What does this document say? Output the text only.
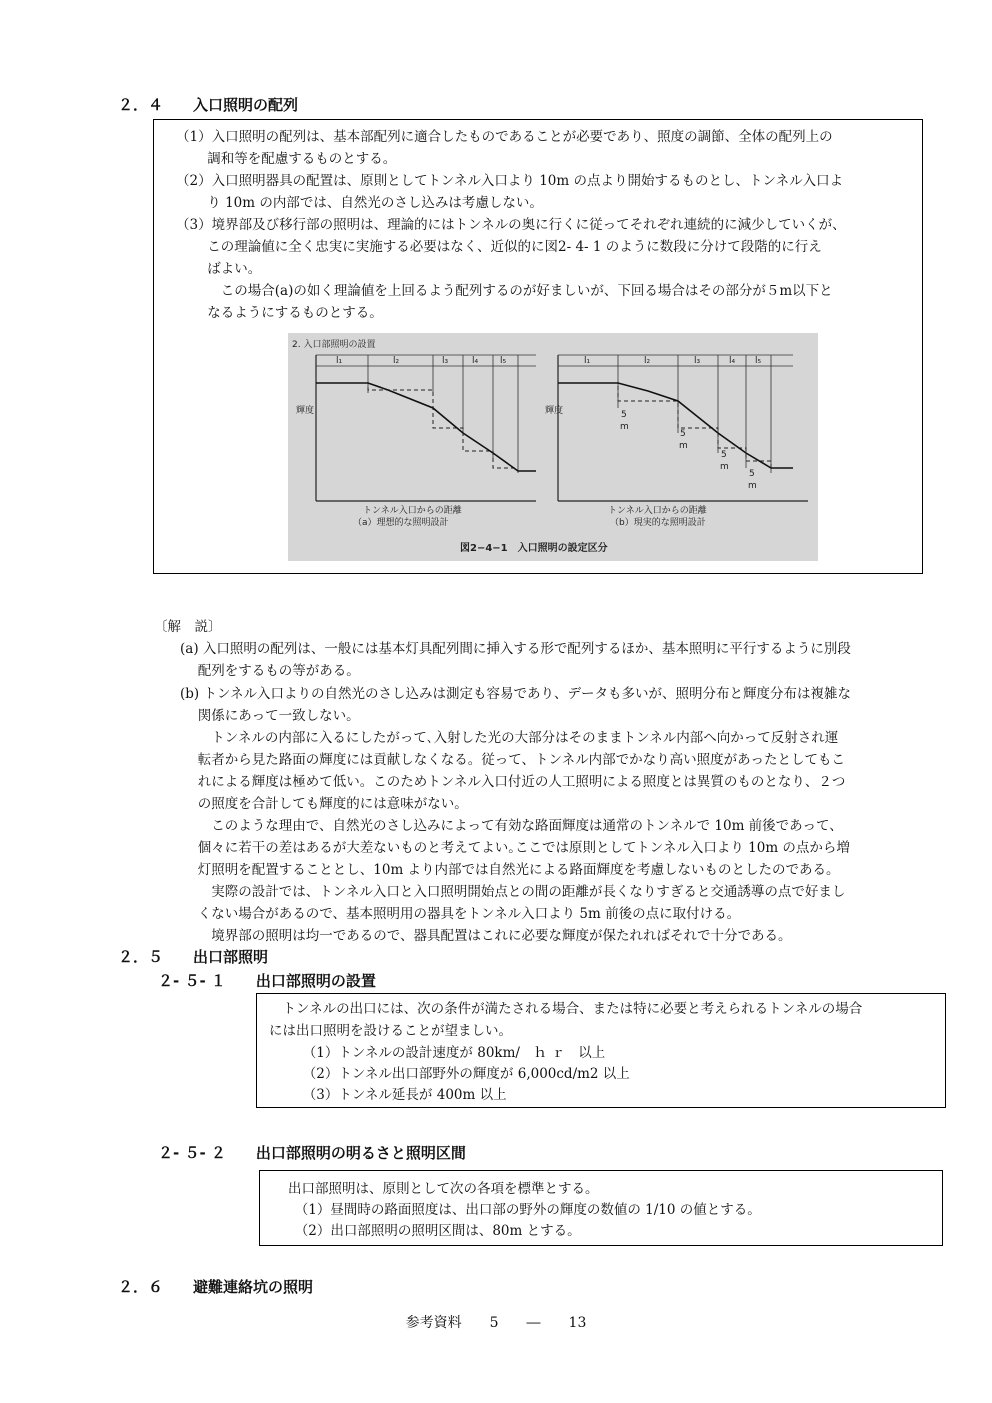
２．４　　入口照明の配列
（1）入口照明の配列は、基本部配列に適合したものであることが必要であり、照度の調節、全体の配列上の
　　 調和等を配慮するものとする。
（2）入口照明器具の配置は、原則としてトンネル入口より 10m の点より開始するものとし、トンネル入口よ
　　 り 10m の内部では、自然光のさし込みは考慮しない。
（3）境界部及び移行部の照明は、理論的にはトンネルの奥に行くに従ってそれぞれ連続的に減少していくが、
　　 この理論値に全く忠実に実施する必要はなく、近似的に図2- 4- 1 のように数段に分けて段階的に行え
　　 ばよい。
　　　 この場合(a)の如く理論値を上回るよう配列するのが好ましいが、下回る場合はその部分が５m以下と
　　 なるようにするものとする。
2. 入口部照明の設置
l₁	l₂	l₃	l₄ l₅
輝度
トンネル入口からの距離
（a）理想的な照明設計
l₁	l₂	l₃	l₄ l₅
輝度	5
m
5
m
5
m
5
m
トンネル入口からの距離
（b）現実的な照明設計
図2−4−1　入口照明の設定区分
〔解　説〕
(a) 入口照明の配列は、一般には基本灯具配列間に挿入する形で配列するほか、基本照明に平行するように別段
　 配列をするもの等がある。
(b) トンネル入口よりの自然光のさし込みは測定も容易であり、データも多いが、照明分布と輝度分布は複雑な
　 関係にあって一致しない。
　　 トンネルの内部に入るにしたがって､入射した光の大部分はそのままトンネル内部へ向かって反射され運
　 転者から見た路面の輝度には貢献しなくなる。従って、トンネル内部でかなり高い照度があったとしてもこ
　 れによる輝度は極めて低い。このためトンネル入口付近の人工照明による照度とは異質のものとなり、２つ
　 の照度を合計しても輝度的には意味がない。
　　 このような理由で、自然光のさし込みによって有効な路面輝度は通常のトンネルで 10m 前後であって、
　 個々に若干の差はあるが大差ないものと考えてよい｡ここでは原則としてトンネル入口より 10m の点から増
　 灯照明を配置することとし、10m より内部では自然光による路面輝度を考慮しないものとしたのである。
　　 実際の設計では、トンネル入口と入口照明開始点との間の距離が長くなりすぎると交通誘導の点で好まし
　 くない場合があるので、基本照明用の器具をトンネル入口より 5m 前後の点に取付ける。
　　 境界部の照明は均一であるので、器具配置はこれに必要な輝度が保たれればそれで十分である。
２．５　　出口部照明
２- ５- １　　出口部照明の設置
　トンネルの出口には、次の条件が満たされる場合、または特に必要と考えられるトンネルの場合
には出口照明を設けることが望ましい。
　　　（1）トンネルの設計速度が 80km/　ｈ ｒ　以上
　　　（2）トンネル出口部野外の輝度が 6,000cd/m2 以上
　　　（3）トンネル延長が 400m 以上
２- ５- ２　　出口部照明の明るさと照明区間
出口部照明は、原則として次の各項を標準とする。
　（1）昼間時の路面照度は、出口部の野外の輝度の数値の 1/10 の値とする。
　（2）出口部照明の照明区間は、80m とする。
２．６　　避難連絡坑の照明
参考資料　　5　　―　　13
